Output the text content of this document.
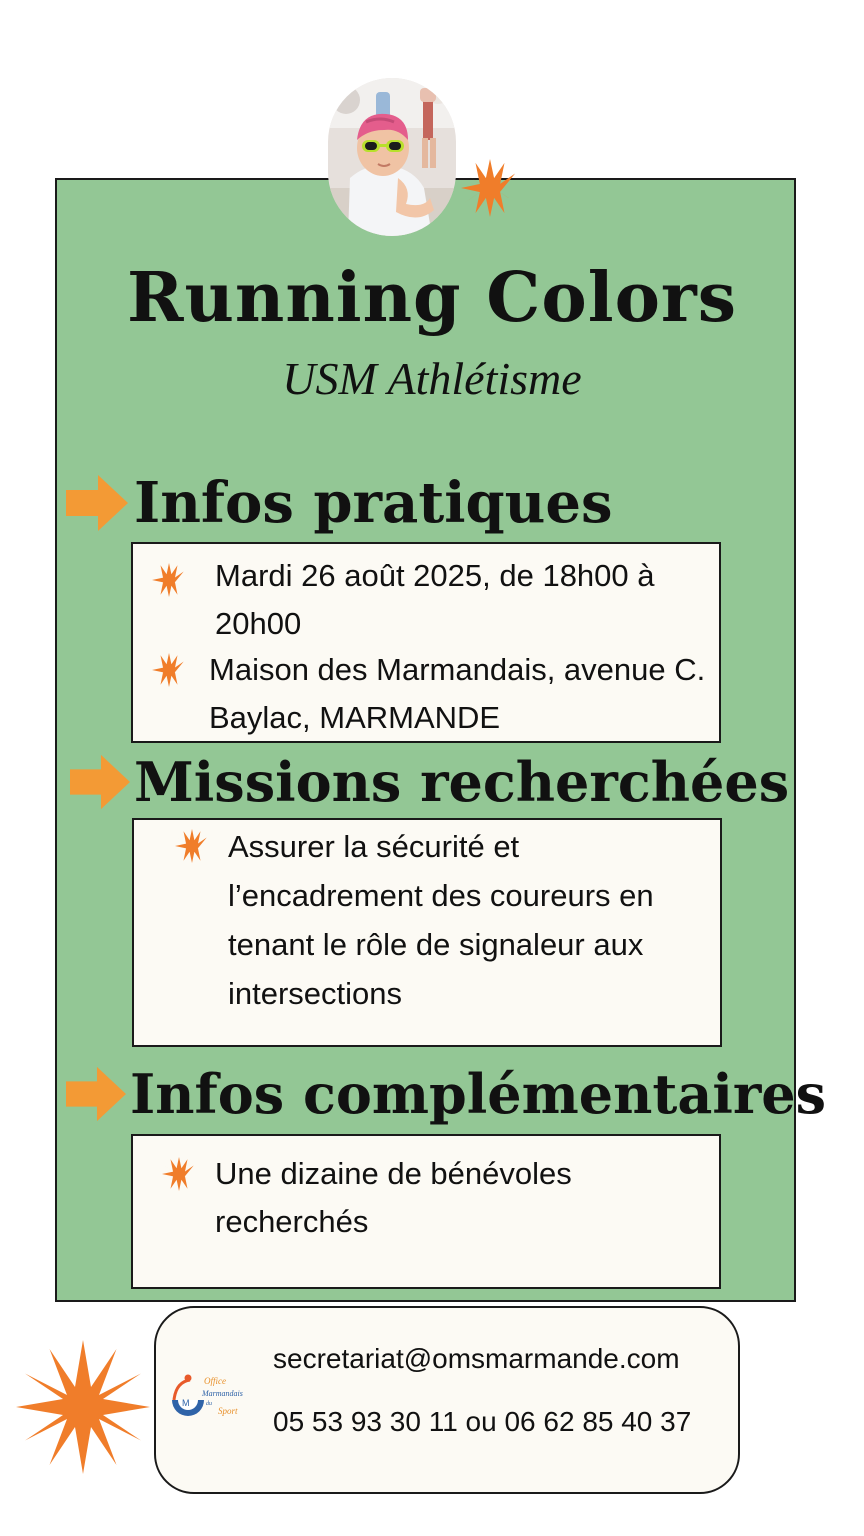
Running Colors
USM Athlétisme
Infos pratiques
Mardi 26 août 2025, de 18h00 à 20h00
Maison des Marmandais, avenue C. Baylac, MARMANDE
Missions recherchées
Assurer la sécurité et l’encadrement des coureurs en tenant le rôle de signaleur aux intersections
Infos complémentaires
Une dizaine de bénévoles recherchés
M
Office
Marmandais
du
Sport
secretariat@omsmarmande.com
05 53 93 30 11 ou 06 62 85 40 37
